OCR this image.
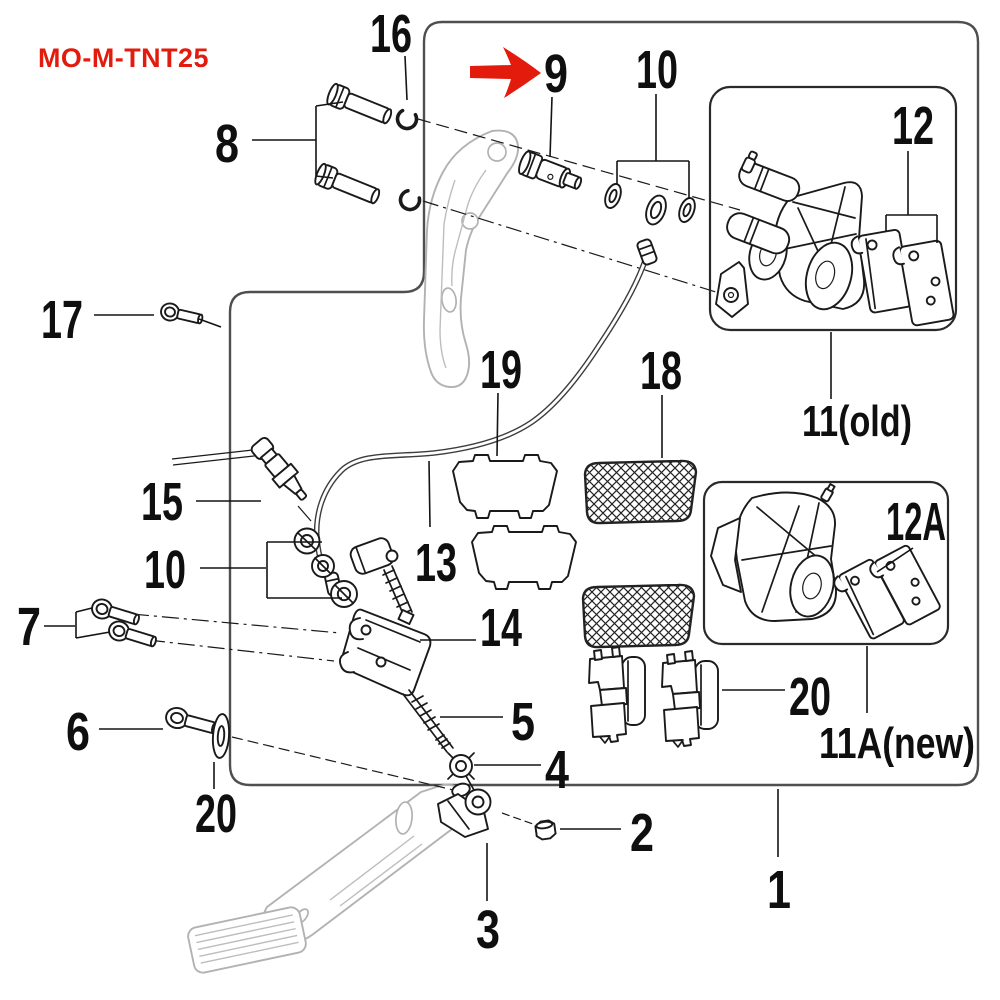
MO-M-TNT25	16
9 10
12
8
17
19 18
11(old)
15
13
10
12A
7	14
6	5	20
11A(new)
4
20	2
1
3
